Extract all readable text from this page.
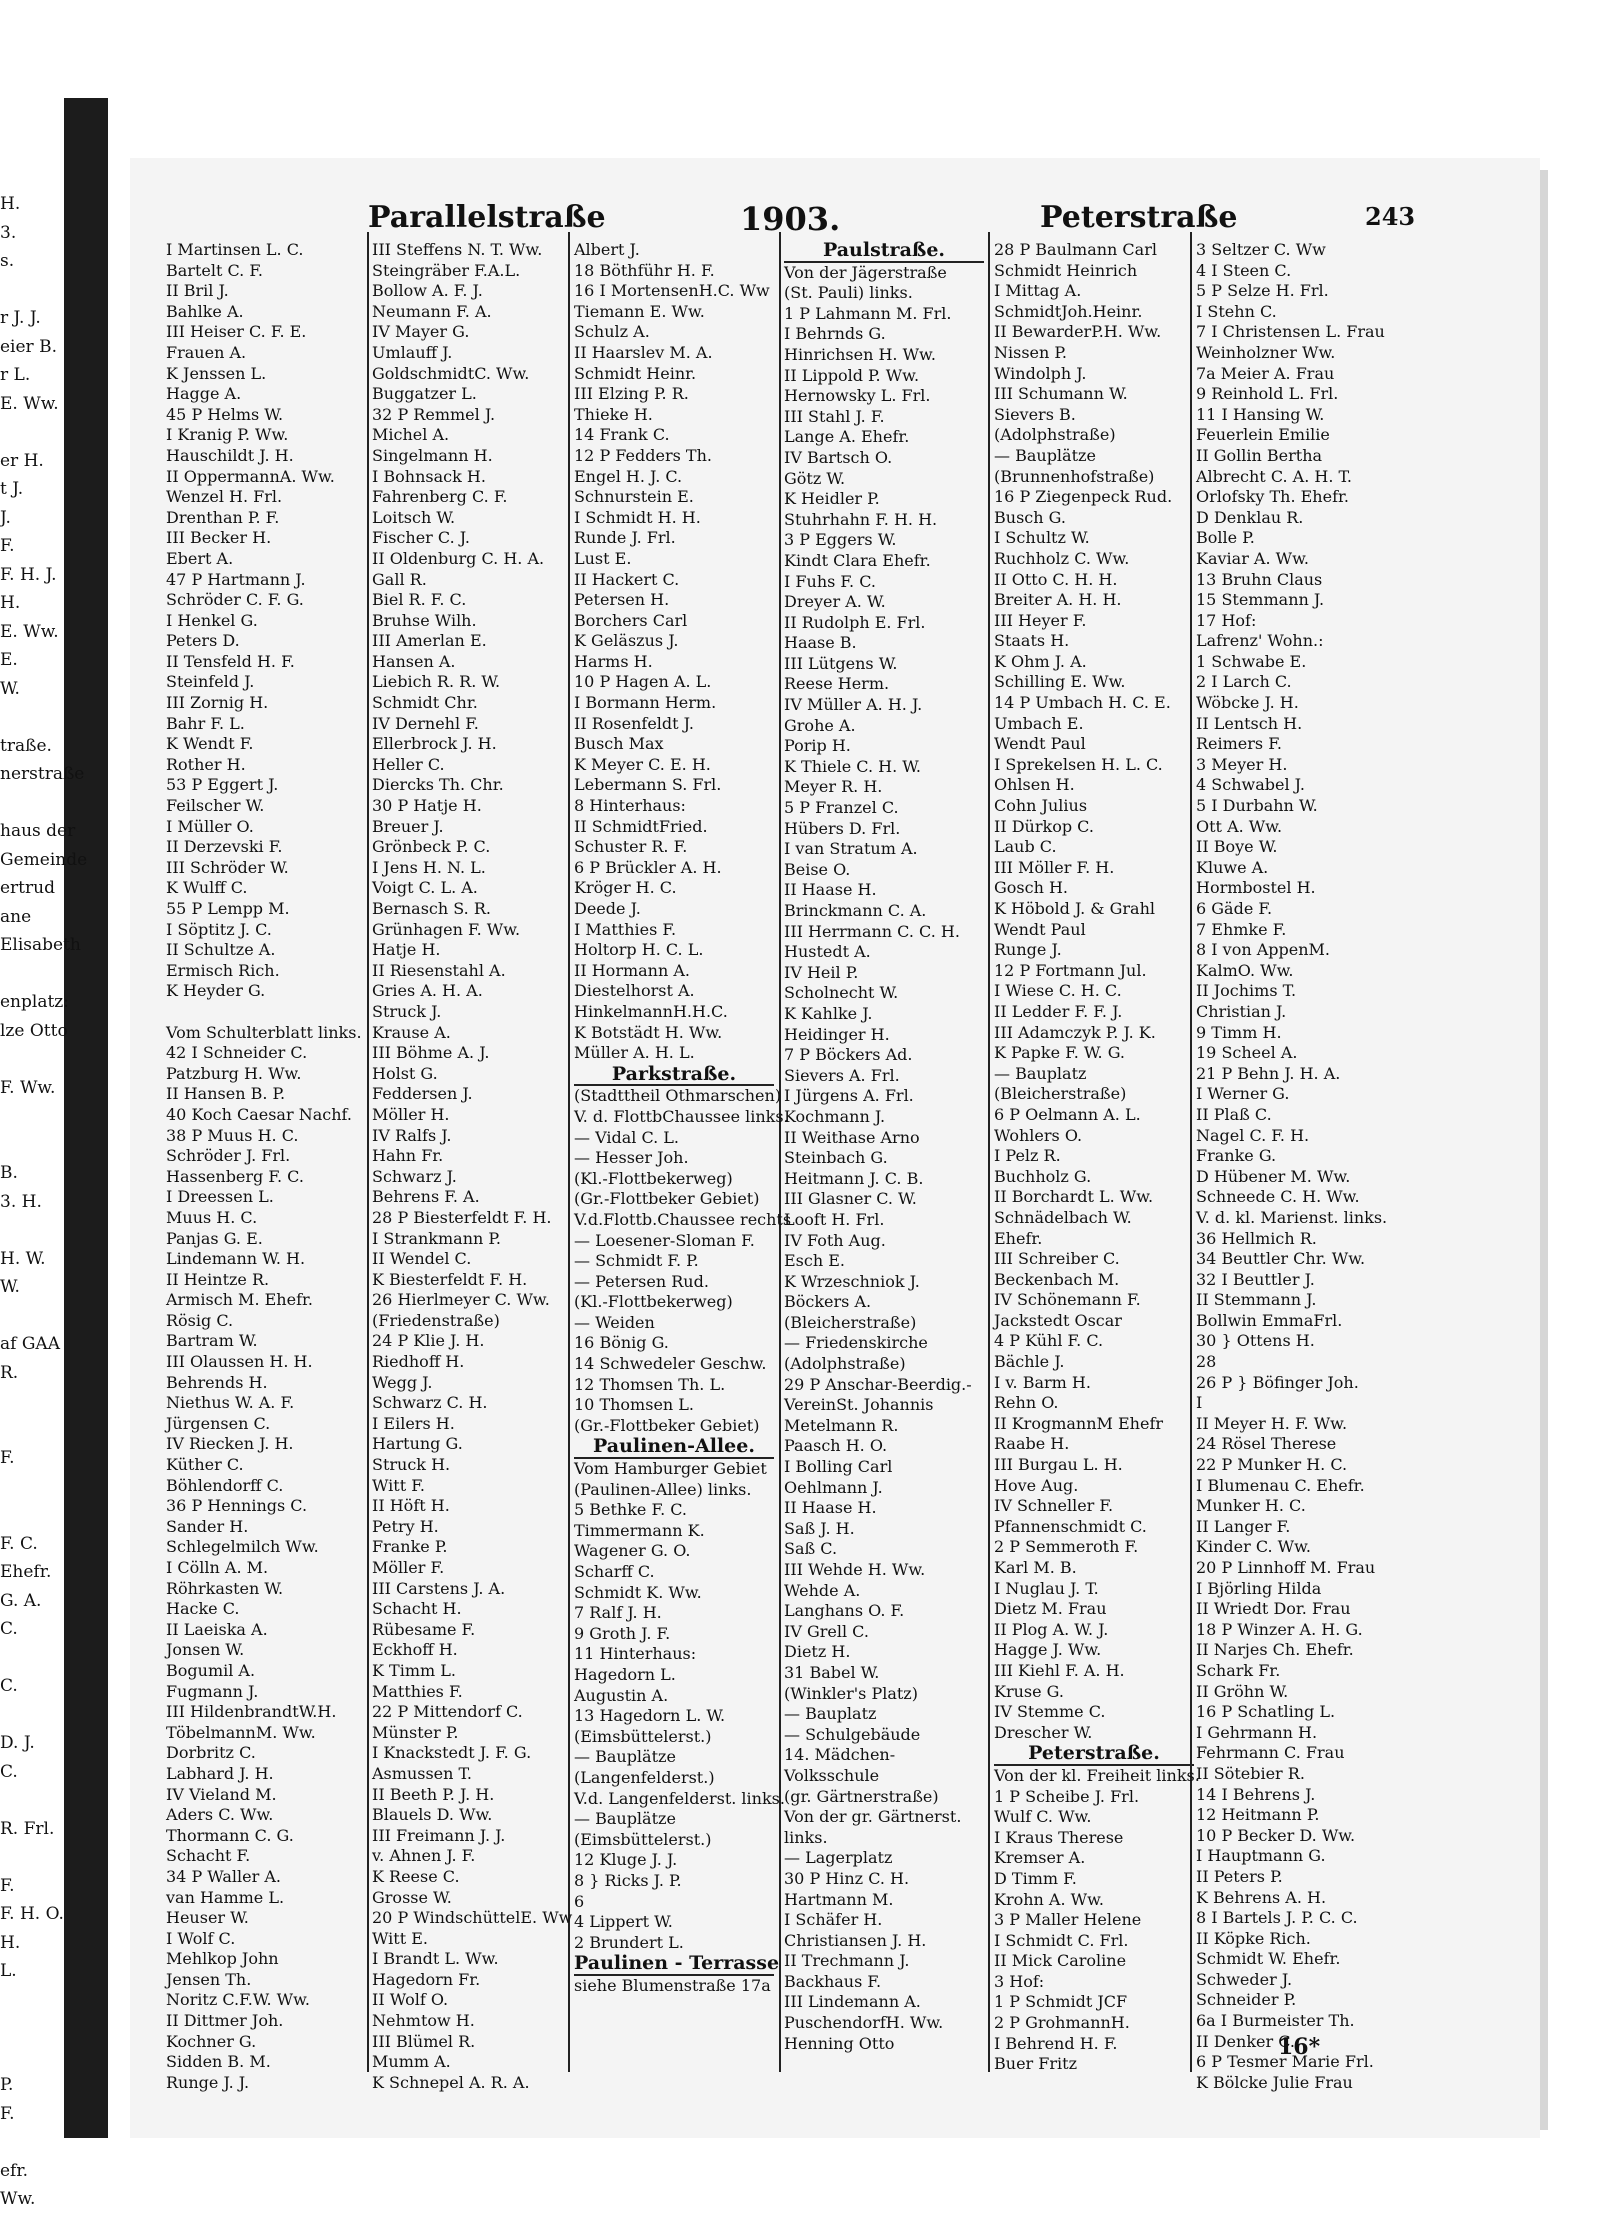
H.
3.
s.

r J. J.
eier B.
r L.
E. Ww.

er H.
t J.
J.
F.
F. H. J.
H.
E. Ww.
E.
W.

traße.
nerstraße

haus der
Gemeinde
ertrud
ane
Elisabeth

enplatz:
lze Otto

F. Ww.

B.
3. H.

H. W.
W.

af GAA
R.

F.

F. C.
Ehefr.
G. A.
C.

C.

D. J.
C.

R. Frl.

F.
F. H. O.
H.
L.

P.
F.

efr.
Ww.
Parallelstraße	1903.	Peterstraße	243
I Martinsen L. C.
Bartelt C. F.
II Bril J.
Bahlke A.
III Heiser C. F. E.
Frauen A.
K Jenssen L.
Hagge A.
45 P Helms W.
I Kranig P. Ww.
Hauschildt J. H.
II OppermannA. Ww.
Wenzel H. Frl.
Drenthan P. F.
III Becker H.
Ebert A.
47 P Hartmann J.
Schröder C. F. G.
I Henkel G.
Peters D.
II Tensfeld H. F.
Steinfeld J.
III Zornig H.
Bahr F. L.
K Wendt F.
Rother H.
53 P Eggert J.
Feilscher W.
I Müller O.
II Derzevski F.
III Schröder W.
K Wulff C.
55 P Lempp M.
I Söptitz J. C.
II Schultze A.
Ermisch Rich.
K Heyder G.
Vom Schulterblatt links.
42 I Schneider C.
Patzburg H. Ww.
II Hansen B. P.
40 Koch Caesar Nachf.
38 P Muus H. C.
Schröder J. Frl.
Hassenberg F. C.
I Dreessen L.
Muus H. C.
Panjas G. E.
Lindemann W. H.
II Heintze R.
Armisch M. Ehefr.
Rösig C.
Bartram W.
III Olaussen H. H.
Behrends H.
Niethus W. A. F.
Jürgensen C.
IV Riecken J. H.
Küther C.
Böhlendorff C.
36 P Hennings C.
Sander H.
Schlegelmilch Ww.
I Cölln A. M.
Röhrkasten W.
Hacke C.
II Laeiska A.
Jonsen W.
Bogumil A.
Fugmann J.
III HildenbrandtW.H.
TöbelmannM. Ww.
Dorbritz C.
Labhard J. H.
IV Vieland M.
Aders C. Ww.
Thormann C. G.
Schacht F.
34 P Waller A.
van Hamme L.
Heuser W.
I Wolf C.
Mehlkop John
Jensen Th.
Noritz C.F.W. Ww.
II Dittmer Joh.
Kochner G.
Sidden B. M.
Runge J. J.
III Steffens N. T. Ww.
Steingräber F.A.L.
Bollow A. F. J.
Neumann F. A.
IV Mayer G.
Umlauff J.
GoldschmidtC. Ww.
Buggatzer L.
32 P Remmel J.
Michel A.
Singelmann H.
I Bohnsack H.
Fahrenberg C. F.
Loitsch W.
Fischer C. J.
II Oldenburg C. H. A.
Gall R.
Biel R. F. C.
Bruhse Wilh.
III Amerlan E.
Hansen A.
Liebich R. R. W.
Schmidt Chr.
IV Dernehl F.
Ellerbrock J. H.
Heller C.
Diercks Th. Chr.
30 P Hatje H.
Breuer J.
Grönbeck P. C.
I Jens H. N. L.
Voigt C. L. A.
Bernasch S. R.
Grünhagen F. Ww.
Hatje H.
II Riesenstahl A.
Gries A. H. A.
Struck J.
Krause A.
III Böhme A. J.
Holst G.
Feddersen J.
Möller H.
IV Ralfs J.
Hahn Fr.
Schwarz J.
Behrens F. A.
28 P Biesterfeldt F. H.
I Strankmann P.
II Wendel C.
K Biesterfeldt F. H.
26 Hierlmeyer C. Ww.
(Friedenstraße)
24 P Klie J. H.
Riedhoff H.
Wegg J.
Schwarz C. H.
I Eilers H.
Hartung G.
Struck H.
Witt F.
II Höft H.
Petry H.
Franke P.
Möller F.
III Carstens J. A.
Schacht H.
Rübesame F.
Eckhoff H.
K Timm L.
Matthies F.
22 P Mittendorf C.
Münster P.
I Knackstedt J. F. G.
Asmussen T.
II Beeth P. J. H.
Blauels D. Ww.
III Freimann J. J.
v. Ahnen J. F.
K Reese C.
Grosse W.
20 P WindschüttelE. Ww
Witt E.
I Brandt L. Ww.
Hagedorn Fr.
II Wolf O.
Nehmtow H.
III Blümel R.
Mumm A.
K Schnepel A. R. A.
Albert J.
18 Böthführ H. F.
16 I MortensenH.C. Ww
Tiemann E. Ww.
Schulz A.
II Haarslev M. A.
Schmidt Heinr.
III Elzing P. R.
Thieke H.
14 Frank C.
12 P Fedders Th.
Engel H. J. C.
Schnurstein E.
I Schmidt H. H.
Runde J. Frl.
Lust E.
II Hackert C.
Petersen H.
Borchers Carl
K Geläszus J.
Harms H.
10 P Hagen A. L.
I Bormann Herm.
II Rosenfeldt J.
Busch Max
K Meyer C. E. H.
Lebermann S. Frl.
8 Hinterhaus:
II SchmidtFried.
Schuster R. F.
6 P Brückler A. H.
Kröger H. C.
Deede J.
I Matthies F.
Holtorp H. C. L.
II Hormann A.
Diestelhorst A.
HinkelmannH.H.C.
K Botstädt H. Ww.
Müller A. H. L.
Parkstraße.
(Stadttheil Othmarschen)
V. d. FlottbChaussee links.
— Vidal C. L.
— Hesser Joh.
(Kl.-Flottbekerweg)
(Gr.-Flottbeker Gebiet)
V.d.Flottb.Chaussee rechts
— Loesener-Sloman F.
— Schmidt F. P.
— Petersen Rud.
(Kl.-Flottbekerweg)
— Weiden
16 Bönig G.
14 Schwedeler Geschw.
12 Thomsen Th. L.
10 Thomsen L.
(Gr.-Flottbeker Gebiet)
Paulinen-Allee.
Vom Hamburger Gebiet
(Paulinen-Allee) links.
5 Bethke F. C.
Timmermann K.
Wagener G. O.
Scharff C.
Schmidt K. Ww.
7 Ralf J. H.
9 Groth J. F.
11 Hinterhaus:
Hagedorn L.
Augustin A.
13 Hagedorn L. W.
(Eimsbüttelerst.)
— Bauplätze
(Langenfelderst.)
V.d. Langenfelderst. links.
— Bauplätze
(Eimsbüttelerst.)
12 Kluge J. J.
8 } Ricks J. P.
6
4 Lippert W.
2 Brundert L.
Paulinen - Terrasse
siehe Blumenstraße 17a
Paulstraße.
Von der Jägerstraße
(St. Pauli) links.
1 P Lahmann M. Frl.
I Behrnds G.
Hinrichsen H. Ww.
II Lippold P. Ww.
Hernowsky L. Frl.
III Stahl J. F.
Lange A. Ehefr.
IV Bartsch O.
Götz W.
K Heidler P.
Stuhrhahn F. H. H.
3 P Eggers W.
Kindt Clara Ehefr.
I Fuhs F. C.
Dreyer A. W.
II Rudolph E. Frl.
Haase B.
III Lütgens W.
Reese Herm.
IV Müller A. H. J.
Grohe A.
Porip H.
K Thiele C. H. W.
Meyer R. H.
5 P Franzel C.
Hübers D. Frl.
I van Stratum A.
Beise O.
II Haase H.
Brinckmann C. A.
III Herrmann C. C. H.
Hustedt A.
IV Heil P.
Scholnecht W.
K Kahlke J.
Heidinger H.
7 P Böckers Ad.
Sievers A. Frl.
I Jürgens A. Frl.
Kochmann J.
II Weithase Arno
Steinbach G.
Heitmann J. C. B.
III Glasner C. W.
Looft H. Frl.
IV Foth Aug.
Esch E.
K Wrzeschniok J.
Böckers A.
(Bleicherstraße)
— Friedenskirche
(Adolphstraße)
29 P Anschar-Beerdig.-
VereinSt. Johannis
Metelmann R.
Paasch H. O.
I Bolling Carl
Oehlmann J.
II Haase H.
Saß J. H.
Saß C.
III Wehde H. Ww.
Wehde A.
Langhans O. F.
IV Grell C.
Dietz H.
31 Babel W.
(Winkler's Platz)
— Bauplatz
— Schulgebäude
14. Mädchen-
Volksschule
(gr. Gärtnerstraße)
Von der gr. Gärtnerst.
links.
— Lagerplatz
30 P Hinz C. H.
Hartmann M.
I Schäfer H.
Christiansen J. H.
II Trechmann J.
Backhaus F.
III Lindemann A.
PuschendorfH. Ww.
Henning Otto
28 P Baulmann Carl
Schmidt Heinrich
I Mittag A.
SchmidtJoh.Heinr.
II BewarderP.H. Ww.
Nissen P.
Windolph J.
III Schumann W.
Sievers B.
(Adolphstraße)
— Bauplätze
(Brunnenhofstraße)
16 P Ziegenpeck Rud.
Busch G.
I Schultz W.
Ruchholz C. Ww.
II Otto C. H. H.
Breiter A. H. H.
III Heyer F.
Staats H.
K Ohm J. A.
Schilling E. Ww.
14 P Umbach H. C. E.
Umbach E.
Wendt Paul
I Sprekelsen H. L. C.
Ohlsen H.
Cohn Julius
II Dürkop C.
Laub C.
III Möller F. H.
Gosch H.
K Höbold J. & Grahl
Wendt Paul
Runge J.
12 P Fortmann Jul.
I Wiese C. H. C.
II Ledder F. F. J.
III Adamczyk P. J. K.
K Papke F. W. G.
— Bauplatz
(Bleicherstraße)
6 P Oelmann A. L.
Wohlers O.
I Pelz R.
Buchholz G.
II Borchardt L. Ww.
Schnädelbach W.
Ehefr.
III Schreiber C.
Beckenbach M.
IV Schönemann F.
Jackstedt Oscar
4 P Kühl F. C.
Bächle J.
I v. Barm H.
Rehn O.
II KrogmannM Ehefr
Raabe H.
III Burgau L. H.
Hove Aug.
IV Schneller F.
Pfannenschmidt C.
2 P Semmeroth F.
Karl M. B.
I Nuglau J. T.
Dietz M. Frau
II Plog A. W. J.
Hagge J. Ww.
III Kiehl F. A. H.
Kruse G.
IV Stemme C.
Drescher W.
Peterstraße.
Von der kl. Freiheit links.
1 P Scheibe J. Frl.
Wulf C. Ww.
I Kraus Therese
Kremser A.
D Timm F.
Krohn A. Ww.
3 P Maller Helene
I Schmidt C. Frl.
II Mick Caroline
3 Hof:
1 P Schmidt JCF
2 P GrohmannH.
I Behrend H. F.
Buer Fritz
3 Seltzer C. Ww
4 I Steen C.
5 P Selze H. Frl.
I Stehn C.
7 I Christensen L. Frau
Weinholzner Ww.
7a Meier A. Frau
9 Reinhold L. Frl.
11 I Hansing W.
Feuerlein Emilie
II Gollin Bertha
Albrecht C. A. H. T.
Orlofsky Th. Ehefr.
D Denklau R.
Bolle P.
Kaviar A. Ww.
13 Bruhn Claus
15 Stemmann J.
17 Hof:
Lafrenz' Wohn.:
1 Schwabe E.
2 I Larch C.
Wöbcke J. H.
II Lentsch H.
Reimers F.
3 Meyer H.
4 Schwabel J.
5 I Durbahn W.
Ott A. Ww.
II Boye W.
Kluwe A.
Hormbostel H.
6 Gäde F.
7 Ehmke F.
8 I von AppenM.
KalmO. Ww.
II Jochims T.
Christian J.
9 Timm H.
19 Scheel A.
21 P Behn J. H. A.
I Werner G.
II Plaß C.
Nagel C. F. H.
Franke G.
D Hübener M. Ww.
Schneede C. H. Ww.
V. d. kl. Marienst. links.
36 Hellmich R.
34 Beuttler Chr. Ww.
32 I Beuttler J.
II Stemmann J.
Bollwin EmmaFrl.
30 } Ottens H.
28
26 P } Böfinger Joh.
I
II Meyer H. F. Ww.
24 Rösel Therese
22 P Munker H. C.
I Blumenau C. Ehefr.
Munker H. C.
II Langer F.
Kinder C. Ww.
20 P Linnhoff M. Frau
I Björling Hilda
II Wriedt Dor. Frau
18 P Winzer A. H. G.
II Narjes Ch. Ehefr.
Schark Fr.
II Gröhn W.
16 P Schatling L.
I Gehrmann H.
Fehrmann C. Frau
II Sötebier R.
14 I Behrens J.
12 Heitmann P.
10 P Becker D. Ww.
I Hauptmann G.
II Peters P.
K Behrens A. H.
8 I Bartels J. P. C. C.
II Köpke Rich.
Schmidt W. Ehefr.
Schweder J.
Schneider P.
6a I Burmeister Th.
II Denker C.
6 P Tesmer Marie Frl.
K Bölcke Julie Frau
16*
